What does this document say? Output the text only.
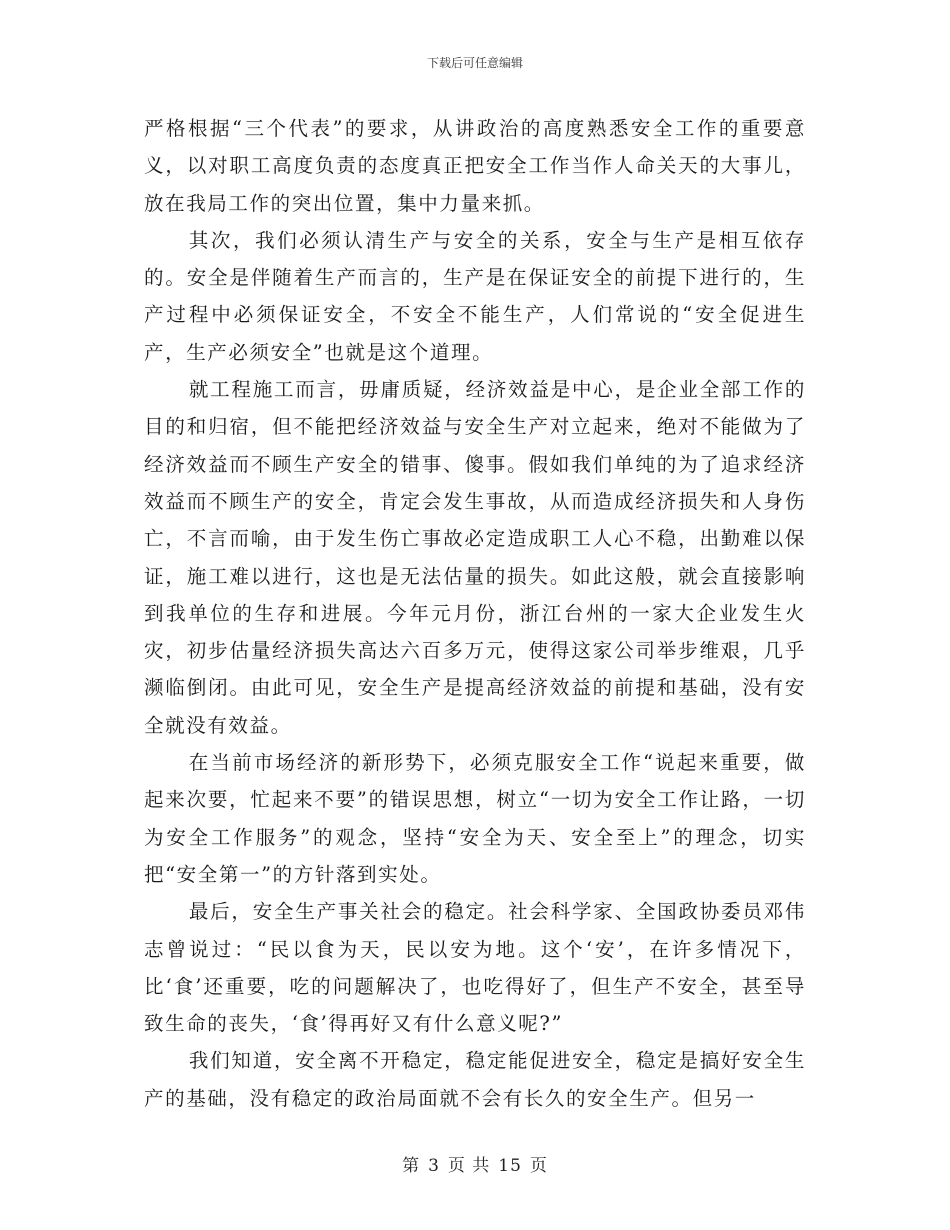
下载后可任意编辑

严格根据“三个代表”的要求，从讲政治的高度熟悉安全工作的重要意义，以对职工高度负责的态度真正把安全工作当作人命关天的大事儿，放在我局工作的突出位置，集中力量来抓。

其次，我们必须认清生产与安全的关系，安全与生产是相互依存的。安全是伴随着生产而言的，生产是在保证安全的前提下进行的，生产过程中必须保证安全，不安全不能生产，人们常说的“安全促进生产，生产必须安全”也就是这个道理。

就工程施工而言，毋庸质疑，经济效益是中心，是企业全部工作的目的和归宿，但不能把经济效益与安全生产对立起来，绝对不能做为了经济效益而不顾生产安全的错事、傻事。假如我们单纯的为了追求经济效益而不顾生产的安全，肯定会发生事故，从而造成经济损失和人身伤亡，不言而喻，由于发生伤亡事故必定造成职工人心不稳，出勤难以保证，施工难以进行，这也是无法估量的损失。如此这般，就会直接影响到我单位的生存和进展。今年元月份，浙江台州的一家大企业发生火灾，初步估量经济损失高达六百多万元，使得这家公司举步维艰，几乎濒临倒闭。由此可见，安全生产是提高经济效益的前提和基础，没有安全就没有效益。

在当前市场经济的新形势下，必须克服安全工作“说起来重要，做起来次要，忙起来不要”的错误思想，树立“一切为安全工作让路，一切为安全工作服务”的观念，坚持“安全为天、安全至上”的理念，切实把“安全第一”的方针落到实处。

最后，安全生产事关社会的稳定。社会科学家、全国政协委员邓伟志曾说过：“民以食为天，民以安为地。这个‘安’，在许多情况下，比‘食’还重要，吃的问题解决了，也吃得好了，但生产不安全，甚至导致生命的丧失，‘食’得再好又有什么意义呢?”

我们知道，安全离不开稳定，稳定能促进安全，稳定是搞好安全生产的基础，没有稳定的政治局面就不会有长久的安全生产。但另一

第 3 页 共 15 页
